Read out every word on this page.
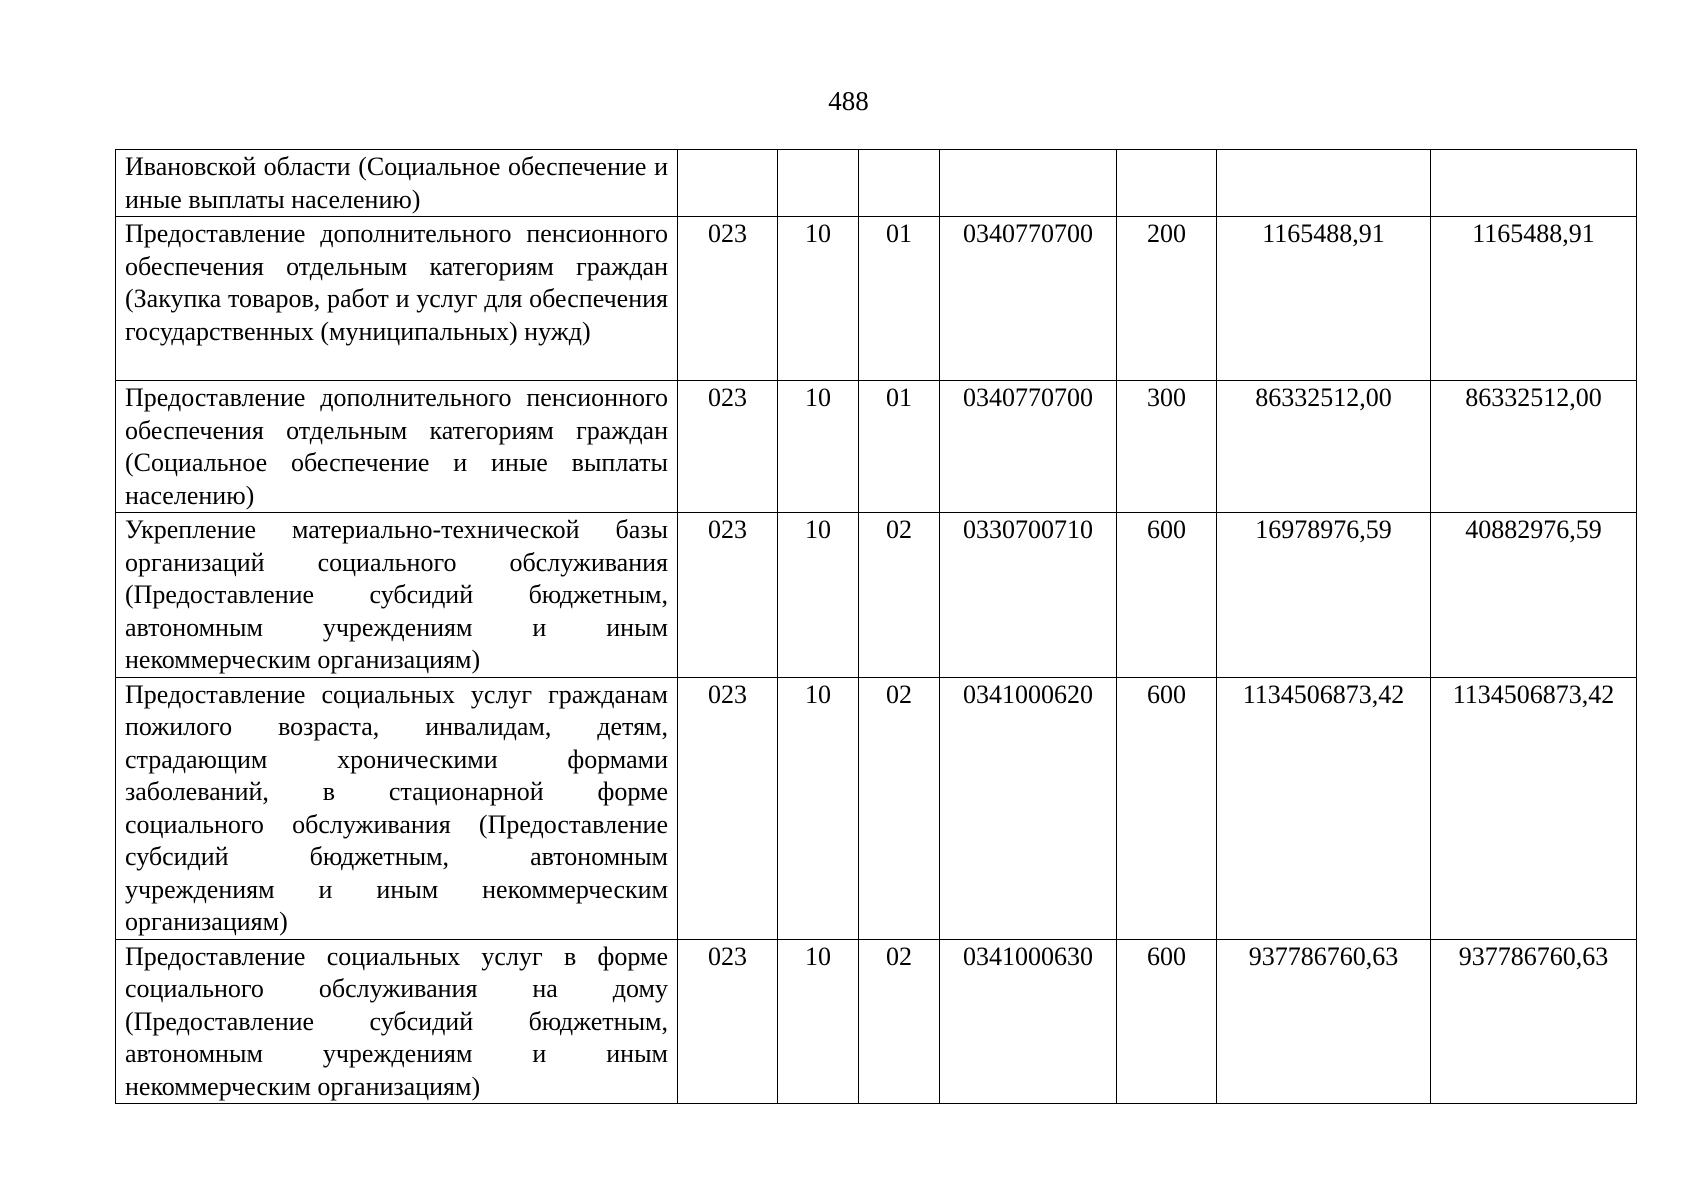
488
Ивановской области (Социальное обеспечение и иные выплаты населению)							

Предоставление дополнительного пенсионного обеспечения отдельным категориям граждан (Закупка товаров, работ и услуг для обеспечения государственных (муниципальных) нужд)	023	10	01	0340770700	200	1165488,91	1165488,91

Предоставление дополнительного пенсионного обеспечения отдельным категориям граждан (Социальное обеспечение и иные выплаты населению)	023	10	01	0340770700	300	86332512,00	86332512,00

Укрепление материально-технической базы организаций социального обслуживания (Предоставление субсидий бюджетным, автономным учреждениям и иным некоммерческим организациям)	023	10	02	0330700710	600	16978976,59	40882976,59

Предоставление социальных услуг гражданам пожилого возраста, инвалидам, детям, страдающим хроническими формами заболеваний, в стационарной форме социального обслуживания (Предоставление субсидий бюджетным, автономным учреждениям и иным некоммерческим организациям)	023	10	02	0341000620	600	1134506873,42	1134506873,42

Предоставление социальных услуг в форме социального обслуживания на дому (Предоставление субсидий бюджетным, автономным учреждениям и иным некоммерческим организациям)	023	10	02	0341000630	600	937786760,63	937786760,63
